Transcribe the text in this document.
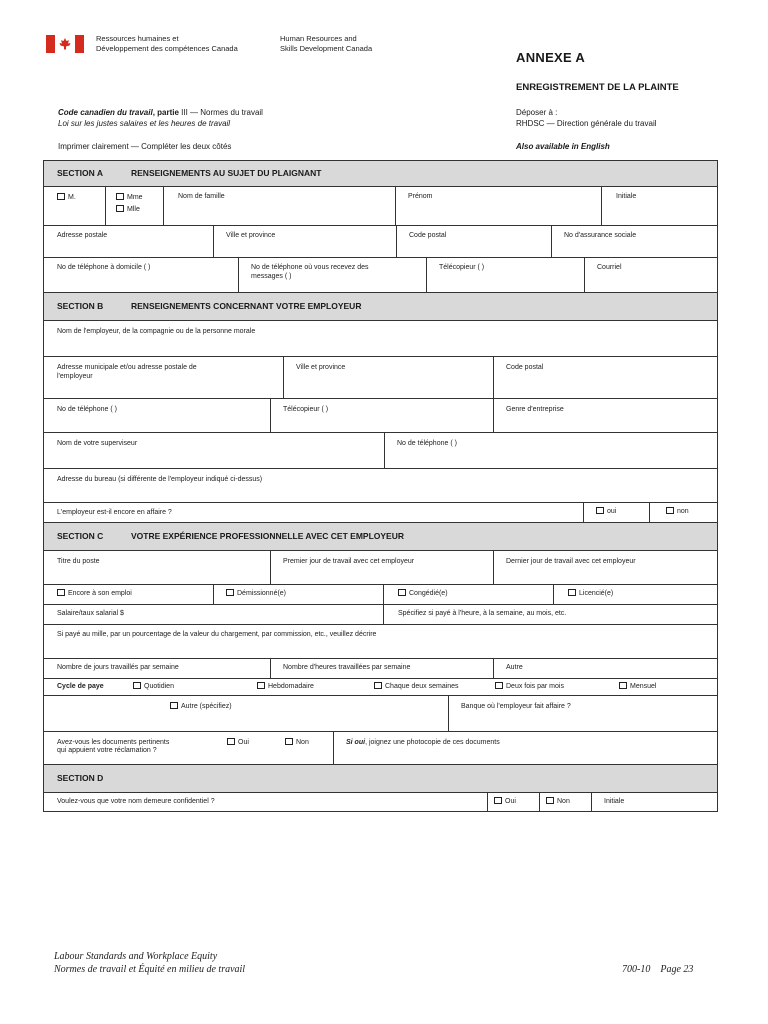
Ressources humaines et
Développement des compétences Canada
Human Resources and
Skills Development Canada
ANNEXE A
ENREGISTREMENT DE LA PLAINTE
Code canadien du travail, partie III — Normes du travail
Loi sur les justes salaires et les heures de travail
Déposer à :
RHDSC — Direction générale du travail
Imprimer clairement — Compléter les deux côtés	Also available in English
SECTION A	RENSEIGNEMENTS AU SUJET DU PLAIGNANT
M.	Mme
Mlle
Nom de famille	Prénom	Initiale
Adresse postale	Ville et province	Code postal	No d'assurance sociale
No de téléphone à domicile ( )	No de téléphone où vous recevez des
messages ( )
Télécopieur ( )	Courriel
SECTION B	RENSEIGNEMENTS CONCERNANT VOTRE EMPLOYEUR
Nom de l'employeur, de la compagnie ou de la personne morale
Adresse municipale et/ou adresse postale de
l'employeur
Ville et province	Code postal
No de téléphone ( )	Télécopieur ( )	Genre d'entreprise
Nom de votre superviseur	No de téléphone ( )
Adresse du bureau (si différente de l'employeur indiqué ci-dessus)
L'employeur est-il encore en affaire ?	oui	non
SECTION C	VOTRE EXPÉRIENCE PROFESSIONNELLE AVEC CET EMPLOYEUR
Titre du poste	Premier jour de travail avec cet employeur	Dernier jour de travail avec cet employeur
Encore à son emploi	Démissionné(e)	Congédié(e)	Licencié(e)
Salaire/taux salarial $	Spécifiez si payé à l'heure, à la semaine, au mois, etc.
Si payé au mille, par un pourcentage de la valeur du chargement, par commission, etc., veuillez décrire
Nombre de jours travaillés par semaine	Nombre d'heures travaillées par semaine	Autre
Cycle de paye	Quotidien	Hebdomadaire	Chaque deux semaines	Deux fois par mois	Mensuel
Autre (spécifiez)	Banque où l'employeur fait affaire ?
Avez-vous les documents pertinents
qui appuient votre réclamation ?
Oui	Non	Si oui, joignez une photocopie de ces documents
SECTION D
Voulez-vous que votre nom demeure confidentiel ?	Oui	Non	Initiale
Labour Standards and Workplace Equity
Normes de travail et Équité en milieu de travail	700-10 Page 23
